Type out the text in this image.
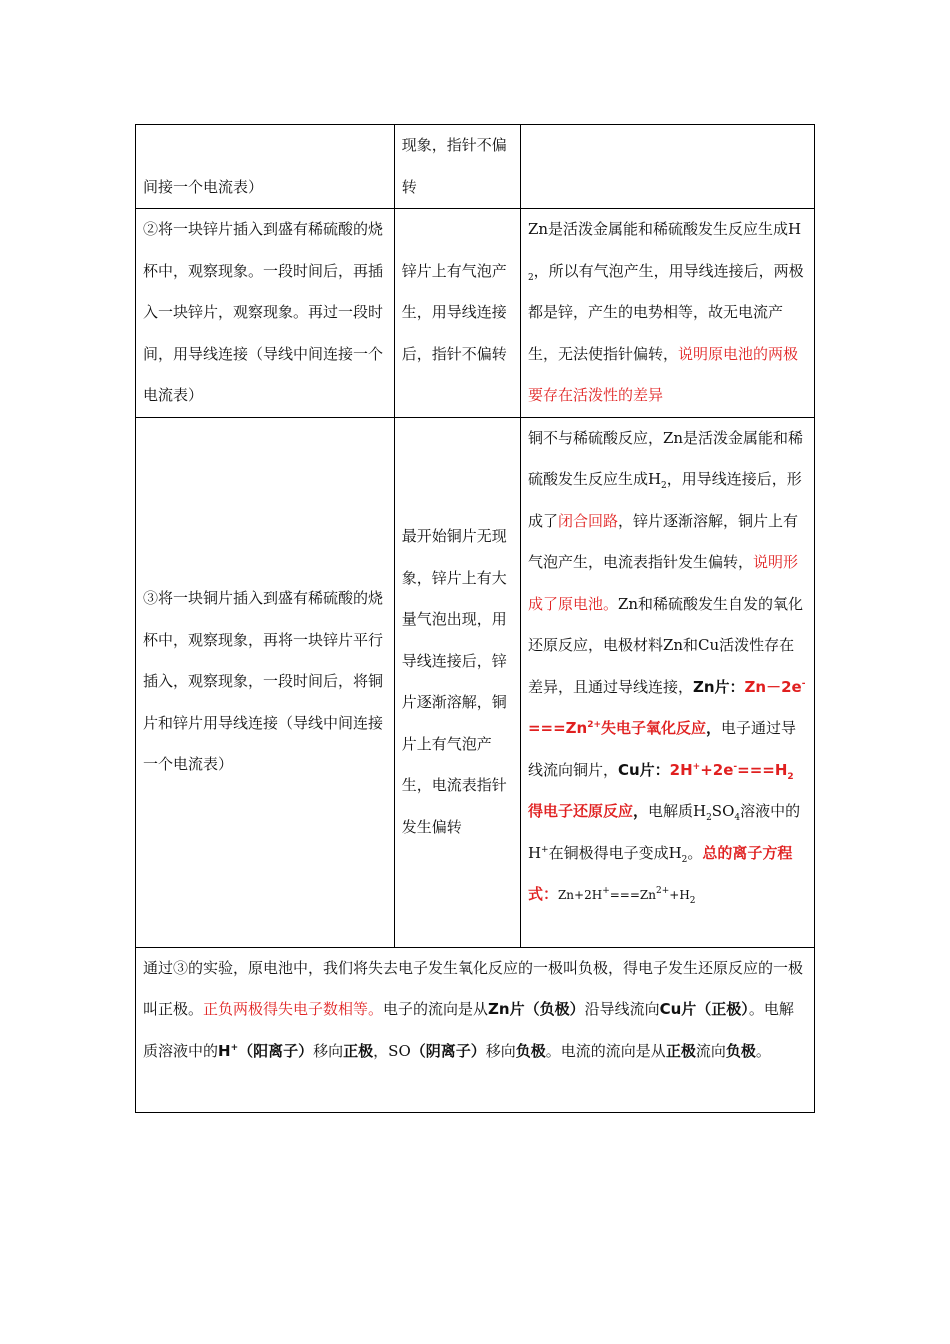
间接一个电流表）	现象，指针不偏转	
②将一块锌片插入到盛有稀硫酸的烧杯中，观察现象。一段时间后，再插入一块锌片，观察现象。再过一段时间，用导线连接（导线中间连接一个电流表）	锌片上有气泡产生，用导线连接后，指针不偏转	Zn是活泼金属能和稀硫酸发生反应生成$H_2$，所以有气泡产生，用导线连接后，两极都是锌，产生的电势相等，故无电流产生，无法使指针偏转，说明原电池的两极要存在活泼性的差异
③将一块铜片插入到盛有稀硫酸的烧杯中，观察现象，再将一块锌片平行插入，观察现象，一段时间后，将铜片和锌片用导线连接（导线中间连接一个电流表）	最开始铜片无现象，锌片上有大量气泡出现，用导线连接后，锌片逐渐溶解，铜片上有气泡产生，电流表指针发生偏转	铜不与稀硫酸反应，Zn是活泼金属能和稀硫酸发生反应生成$H_2$，用导线连接后，形成了闭合回路，锌片逐渐溶解，铜片上有气泡产生，电流表指针发生偏转，说明形成了原电池。Zn和稀硫酸发生自发的氧化还原反应，电极材料Zn和Cu活泼性存在差异，且通过导线连接，Zn片：$Zn-2e^-===Zn^{2+}$失电子氧化反应，电子通过导线流向铜片，Cu片：$2H^++2e^-===H_2$得电子还原反应，电解质$H_2SO_4$溶液中的H+在铜极得电子变成$H_2$。总的离子方程式：$Zn+2H^+===Zn^{2+}+H_2$
通过③的实验，原电池中，我们将失去电子发生氧化反应的一极叫负极，得电子发生还原反应的一极叫正极。正负两极得失电子数相等。电子的流向是从Zn片（负极）沿导线流向Cu片（正极）。电解质溶液中的H+（阳离子）移向正极，SO（阴离子）移向负极。电流的流向是从正极流向负极。		
